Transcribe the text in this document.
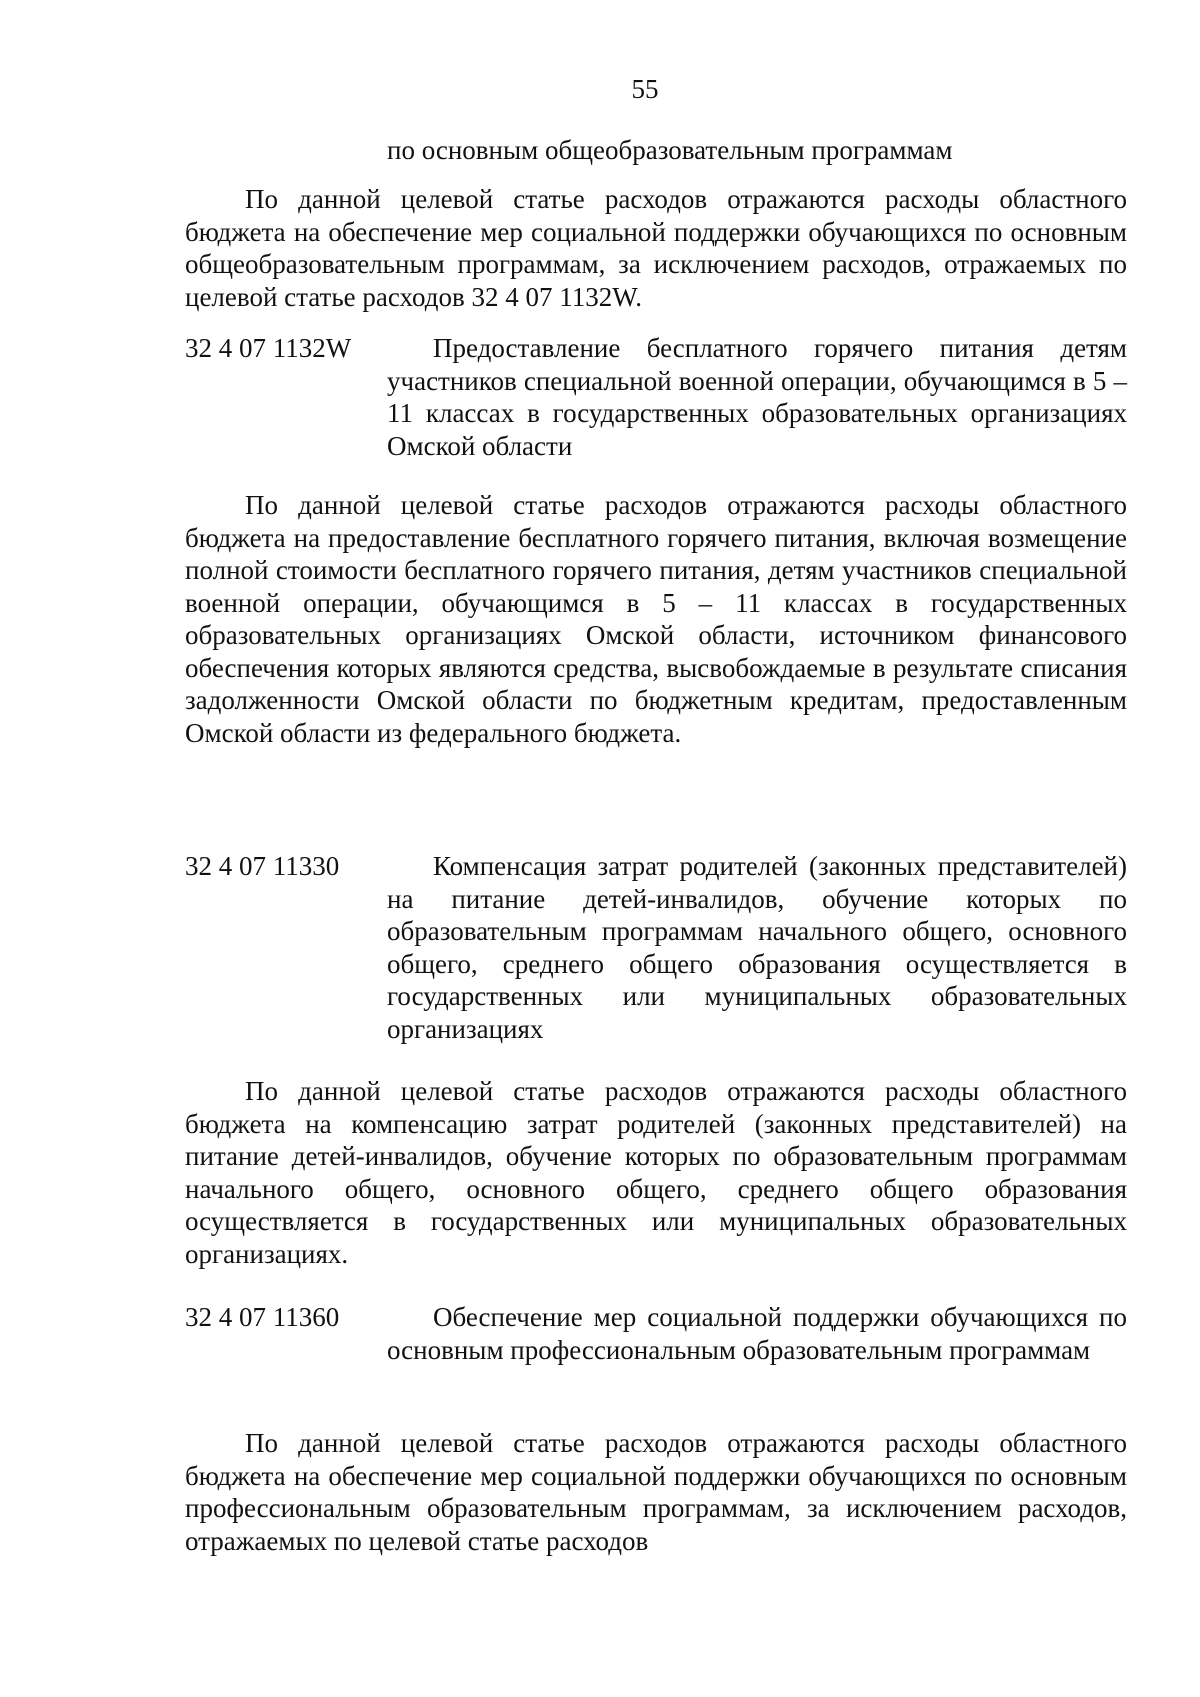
55
по основным общеобразовательным программам

По данной целевой статье расходов отражаются расходы областного бюджета на обеспечение мер социальной поддержки обучающихся по основным общеобразовательным программам, за исключением расходов, отражаемых по целевой статье расходов 32 4 07 1132W.

32 4 07 1132W	Предоставление бесплатного горячего питания детям участников специальной военной операции, обучающимся в 5 – 11 классах в государственных образовательных организациях Омской области

По данной целевой статье расходов отражаются расходы областного бюджета на предоставление бесплатного горячего питания, включая возмещение полной стоимости бесплатного горячего питания, детям участников специальной военной операции, обучающимся в 5 – 11 классах в государственных образовательных организациях Омской области, источником финансового обеспечения которых являются средства, высвобождаемые в результате списания задолженности Омской области по бюджетным кредитам, предоставленным Омской области из федерального бюджета.

32 4 07 11330	Компенсация затрат родителей (законных представителей) на питание детей-инвалидов, обучение которых по образовательным программам начального общего, основного общего, среднего общего образования осуществляется в государственных или муниципальных образовательных организациях

По данной целевой статье расходов отражаются расходы областного бюджета на компенсацию затрат родителей (законных представителей) на питание детей-инвалидов, обучение которых по образовательным программам начального общего, основного общего, среднего общего образования осуществляется в государственных или муниципальных образовательных организациях.

32 4 07 11360	Обеспечение мер социальной поддержки обучающихся по основным профессиональным образовательным программам

По данной целевой статье расходов отражаются расходы областного бюджета на обеспечение мер социальной поддержки обучающихся по основным профессиональным образовательным программам, за исключением расходов, отражаемых по целевой статье расходов
